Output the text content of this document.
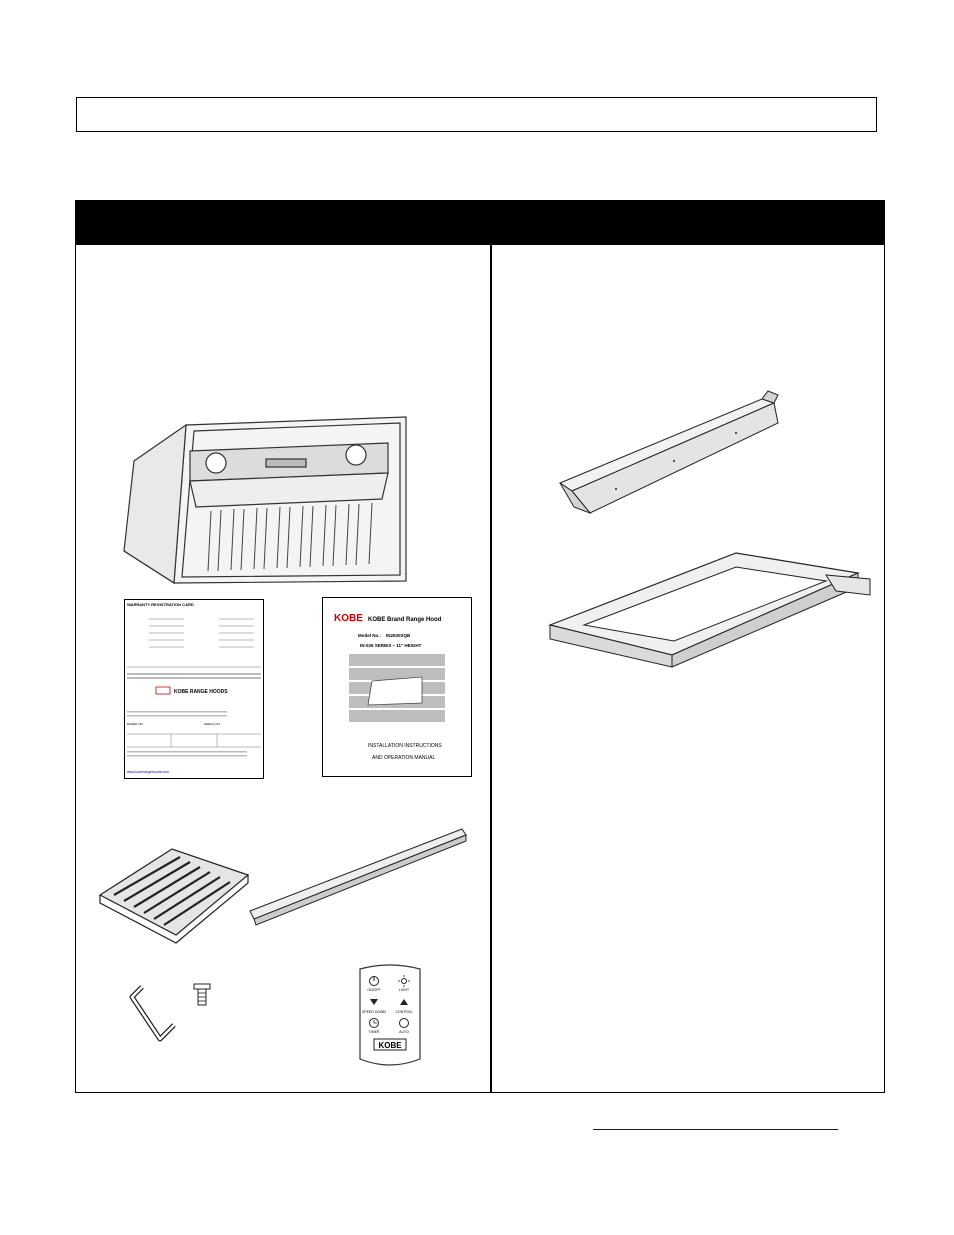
WARRANTY REGISTRATION CARD
KOBE RANGE HOODS
MODEL NO.	SERIAL NO.
www.koberangehoods.com
KOBE KOBE Brand Range Hood
Model No.: IN2630SQB
IN-026 SERIES – 11" HEIGHT
INSTALLATION INSTRUCTIONS
AND OPERATION MANUAL
ON/OFF	LIGHT
SPEED DOWN	CONTROL
TIMER	AUTO
KOBE
